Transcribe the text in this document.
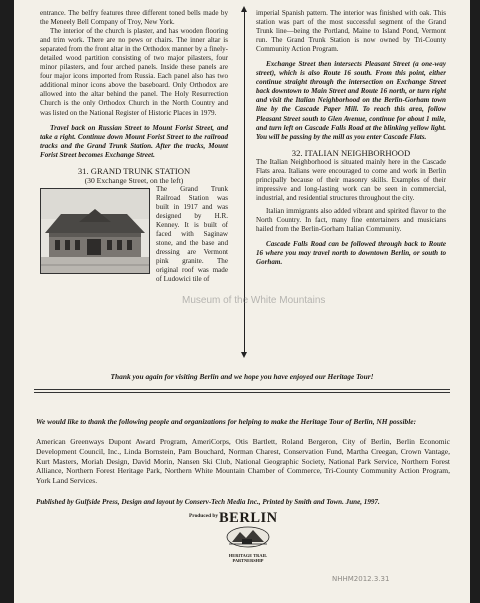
entrance. The belfry features three different toned bells made by the Meneely Bell Company of Troy, New York.

The interior of the church is plaster, and has wooden flooring and trim work. There are no pews or chairs. The inner altar is separated from the front altar in the Orthodox manner by a finely-detailed wood partition consisting of two major pilasters, four minor pilasters, and four arched panels. Inside these panels are four major icons imported from Russia. Each panel also has two additional minor icons above the baseboard. Only Orthodox are allowed into the altar behind the panel. The Holy Resurrection Church is the only Orthodox Church in the North Country and was listed on the National Register of Historic Places in 1979.

Travel back on Russian Street to Mount Forist Street, and take a right. Continue down Mount Forist Street to the railroad tracks and the Grand Trunk Station. After the tracks, Mount Forist Street becomes Exchange Street.

31. GRAND TRUNK STATION

(30 Exchange Street, on the left)

The Grand Trunk Railroad Station was built in 1917 and was designed by H.R. Kenney. It is built of faced with Saginaw stone, and the base and dressing are Vermont pink granite. The original roof was made of Ludowici tile of

imperial Spanish pattern. The interior was finished with oak. This station was part of the most successful segment of the Grand Trunk line—being the Portland, Maine to Island Pond, Vermont run. The Grand Trunk Station is now owned by Tri-County Community Action Program.

Exchange Street then intersects Pleasant Street (a one-way street), which is also Route 16 south. From this point, either continue straight through the intersection on Exchange Street back downtown to Main Street and Route 16 north, or turn right and visit the Italian Neighborhood on the Berlin-Gorham town line by the Cascade Paper Mill. To reach this area, follow Pleasant Street south to Glen Avenue, continue for about 1 mile, and turn left on Cascade Falls Road at the blinking yellow light. You will be passing by the mill as you enter Cascade Flats.

32. ITALIAN NEIGHBORHOOD

The Italian Neighborhood is situated mainly here in the Cascade Flats area. Italians were encouraged to come and work in Berlin principally because of their masonry skills. Examples of their impressive and long-lasting work can be seen in commercial, industrial, and residential structures throughout the city.

Italian immigrants also added vibrant and spirited flavor to the North Country. In fact, many fine entertainers and musicians hailed from the Berlin-Gorham Italian Community.

Cascade Falls Road can be followed through back to Route 16 where you may travel north to downtown Berlin, or south to Gorham.

Museum of the White Mountains
Thank you again for visiting Berlin and we hope you have enjoyed our Heritage Tour!
We would like to thank the following people and organizations for helping to make the Heritage Tour of Berlin, NH possible:
American Greenways Dupont Award Program, AmeriCorps, Otis Bartlett, Roland Bergeron, City of Berlin, Berlin Economic Development Council, Inc., Linda Bornstein, Pam Bouchard, Norman Charest, Conservation Fund, Martha Creegan, Crown Vantage, Kurt Masters, Moriah Design, David Morin, Nansen Ski Club, National Geographic Society, National Park Service, Northern Forest Alliance, Northern Forest Heritage Park, Northern White Mountain Chamber of Commerce, Tri-County Community Action Program, York Land Services.
Published by Gulfside Press, Design and layout by Conserv-Tech Media Inc., Printed by Smith and Town. June, 1997.
Produced by BERLIN
HERITAGE TRAIL
PARTNERSHIP
NHHM2012.3.31
